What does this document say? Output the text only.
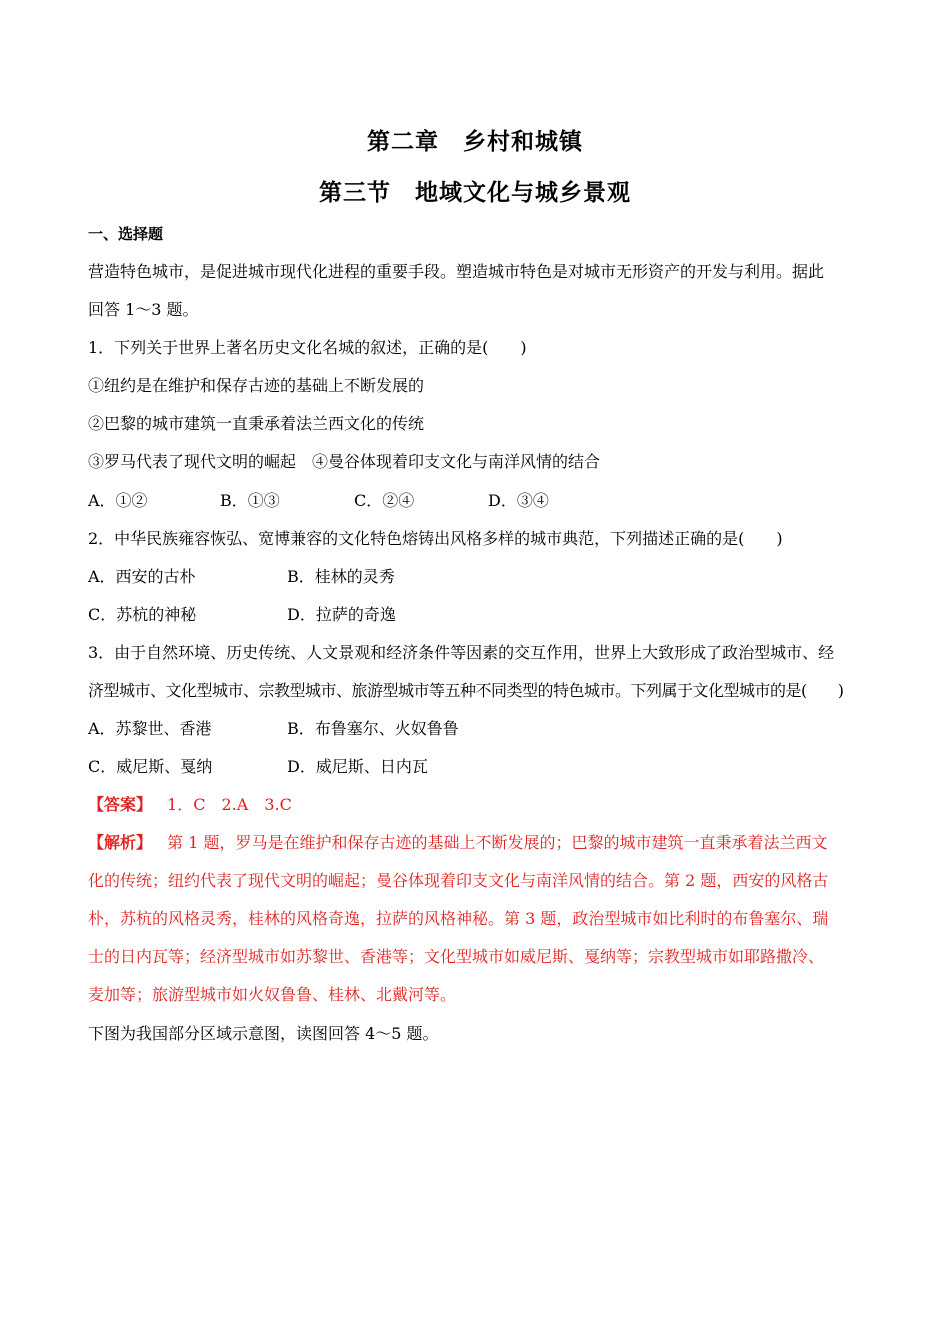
第二章　乡村和城镇
第三节　地域文化与城乡景观
一、选择题
营造特色城市，是促进城市现代化进程的重要手段。塑造城市特色是对城市无形资产的开发与利用。据此
回答 1～3 题。
1．下列关于世界上著名历史文化名城的叙述，正确的是(　　)
①纽约是在维护和保存古迹的基础上不断发展的
②巴黎的城市建筑一直秉承着法兰西文化的传统
③罗马代表了现代文明的崛起　④曼谷体现着印支文化与南洋风情的结合
A．①②	B．①③	C．②④	D．③④
2．中华民族雍容恢弘、宽博兼容的文化特色熔铸出风格多样的城市典范，下列描述正确的是(　　)
A．西安的古朴	B．桂林的灵秀
C．苏杭的神秘	D．拉萨的奇逸
3．由于自然环境、历史传统、人文景观和经济条件等因素的交互作用，世界上大致形成了政治型城市、经
济型城市、文化型城市、宗教型城市、旅游型城市等五种不同类型的特色城市。下列属于文化型城市的是(　　)
A．苏黎世、香港	B．布鲁塞尔、火奴鲁鲁
C．威尼斯、戛纳	D．威尼斯、日内瓦
【答案】 1．C　2.A　3.C
【解析】 第 1 题，罗马是在维护和保存古迹的基础上不断发展的；巴黎的城市建筑一直秉承着法兰西文
化的传统；纽约代表了现代文明的崛起；曼谷体现着印支文化与南洋风情的结合。第 2 题，西安的风格古
朴，苏杭的风格灵秀，桂林的风格奇逸，拉萨的风格神秘。第 3 题，政治型城市如比利时的布鲁塞尔、瑞
士的日内瓦等；经济型城市如苏黎世、香港等；文化型城市如威尼斯、戛纳等；宗教型城市如耶路撒冷、
麦加等；旅游型城市如火奴鲁鲁、桂林、北戴河等。
下图为我国部分区域示意图，读图回答 4～5 题。
